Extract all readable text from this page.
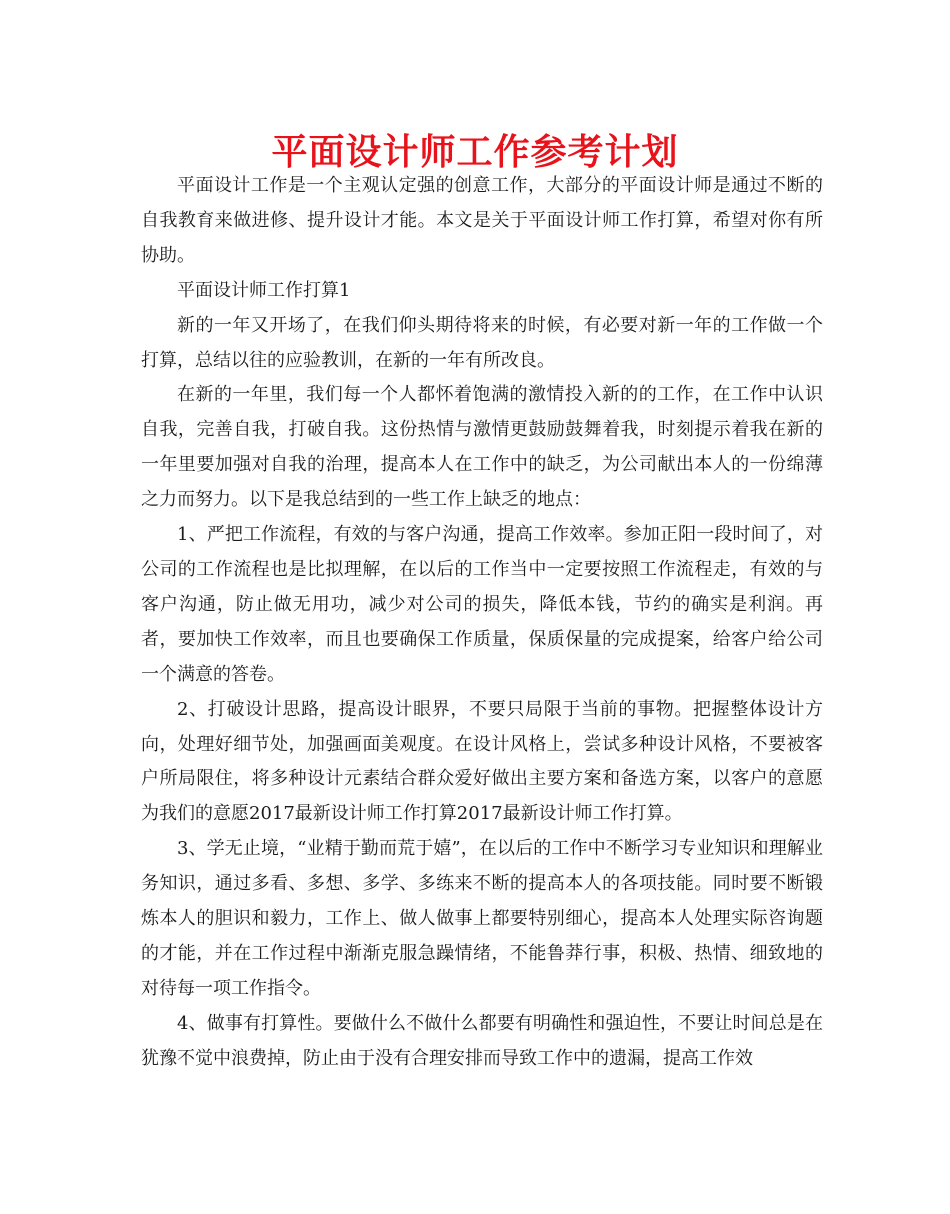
平面设计师工作参考计划

平面设计工作是一个主观认定强的创意工作，大部分的平面设计师是通过不断的自我教育来做进修、提升设计才能。本文是关于平面设计师工作打算，希望对你有所协助。

平面设计师工作打算1

新的一年又开场了，在我们仰头期待将来的时候，有必要对新一年的工作做一个打算，总结以往的应验教训，在新的一年有所改良。

在新的一年里，我们每一个人都怀着饱满的激情投入新的的工作，在工作中认识自我，完善自我，打破自我。这份热情与激情更鼓励鼓舞着我，时刻提示着我在新的一年里要加强对自我的治理，提高本人在工作中的缺乏，为公司献出本人的一份绵薄之力而努力。以下是我总结到的一些工作上缺乏的地点：

1、严把工作流程，有效的与客户沟通，提高工作效率。参加正阳一段时间了，对公司的工作流程也是比拟理解，在以后的工作当中一定要按照工作流程走，有效的与客户沟通，防止做无用功，减少对公司的损失，降低本钱，节约的确实是利润。再者，要加快工作效率，而且也要确保工作质量，保质保量的完成提案，给客户给公司一个满意的答卷。

2、打破设计思路，提高设计眼界，不要只局限于当前的事物。把握整体设计方向，处理好细节处，加强画面美观度。在设计风格上，尝试多种设计风格，不要被客户所局限住，将多种设计元素结合群众爱好做出主要方案和备选方案，以客户的意愿为我们的意愿2017最新设计师工作打算2017最新设计师工作打算。

3、学无止境，“业精于勤而荒于嬉”，在以后的工作中不断学习专业知识和理解业务知识，通过多看、多想、多学、多练来不断的提高本人的各项技能。同时要不断锻炼本人的胆识和毅力，工作上、做人做事上都要特别细心，提高本人处理实际咨询题的才能，并在工作过程中渐渐克服急躁情绪，不能鲁莽行事，积极、热情、细致地的对待每一项工作指令。

4、做事有打算性。要做什么不做什么都要有明确性和强迫性，不要让时间总是在犹豫不觉中浪费掉，防止由于没有合理安排而导致工作中的遗漏，提高工作效
